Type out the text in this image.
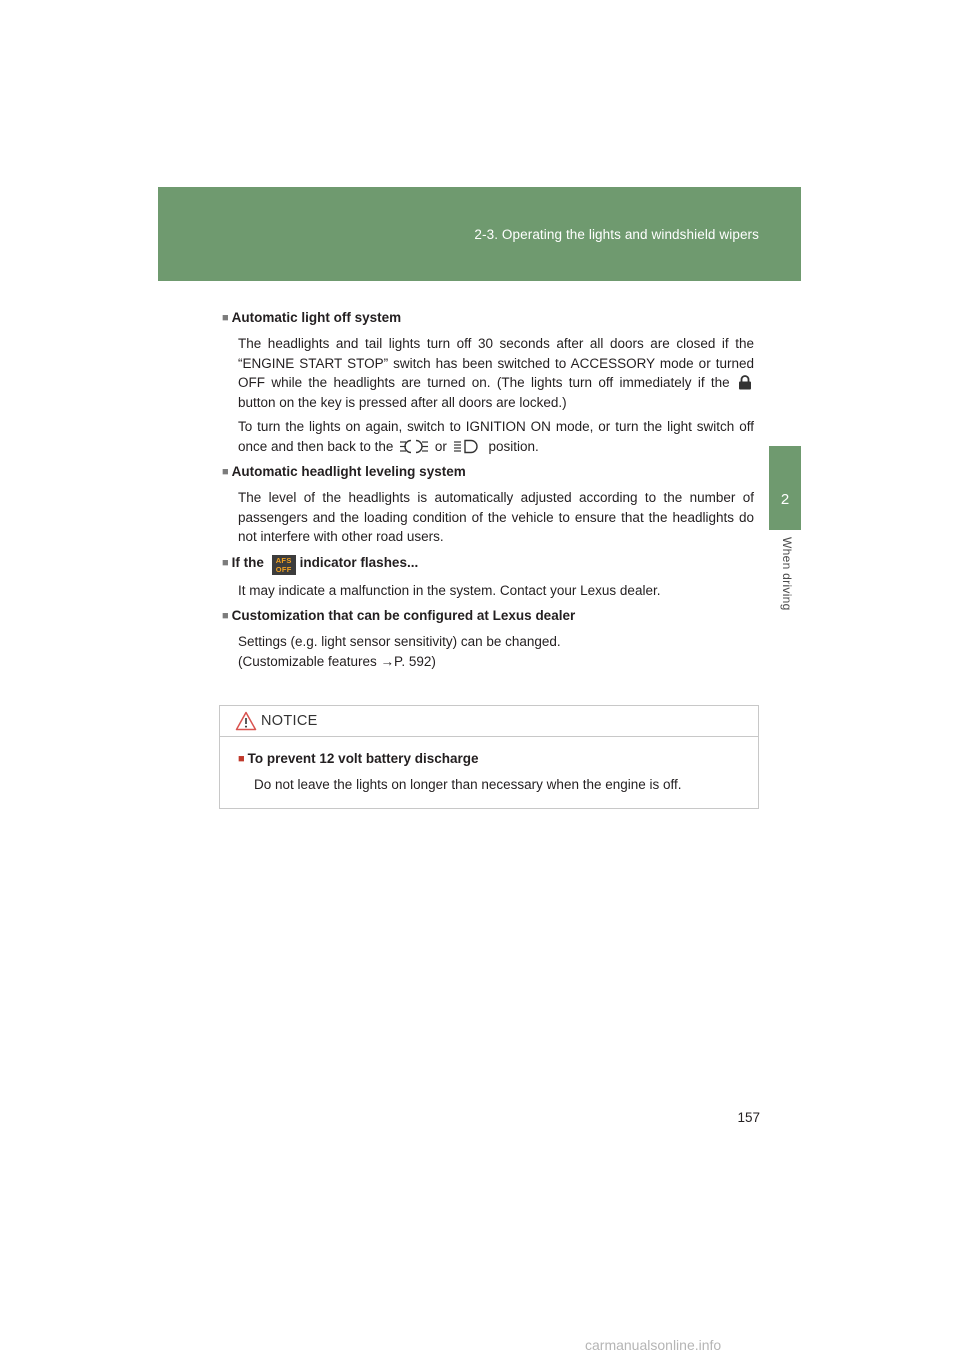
2-3. Operating the lights and windshield wipers
2
When driving
■ Automatic light off system

The headlights and tail lights turn off 30 seconds after all doors are closed if the “ENGINE START STOP” switch has been switched to ACCESSORY mode or turned OFF while the headlights are turned on. (The lights turn off immediately if the  button on the key is pressed after all doors are locked.)

To turn the lights on again, switch to IGNITION ON mode, or turn the light switch off once and then back to the	or	position.

■ Automatic headlight leveling system

The level of the headlights is automatically adjusted according to the number of passengers and the loading condition of the vehicle to ensure that the headlights do not interfere with other road users.

■ If the AFS
OFF indicator flashes...

It may indicate a malfunction in the system. Contact your Lexus dealer.

■ Customization that can be configured at Lexus dealer

Settings (e.g. light sensor sensitivity) can be changed.

(Customizable features →P. 592)

NOTICE
■ To prevent 12 volt battery discharge
Do not leave the lights on longer than necessary when the engine is off.
157
carmanualsonline.info
